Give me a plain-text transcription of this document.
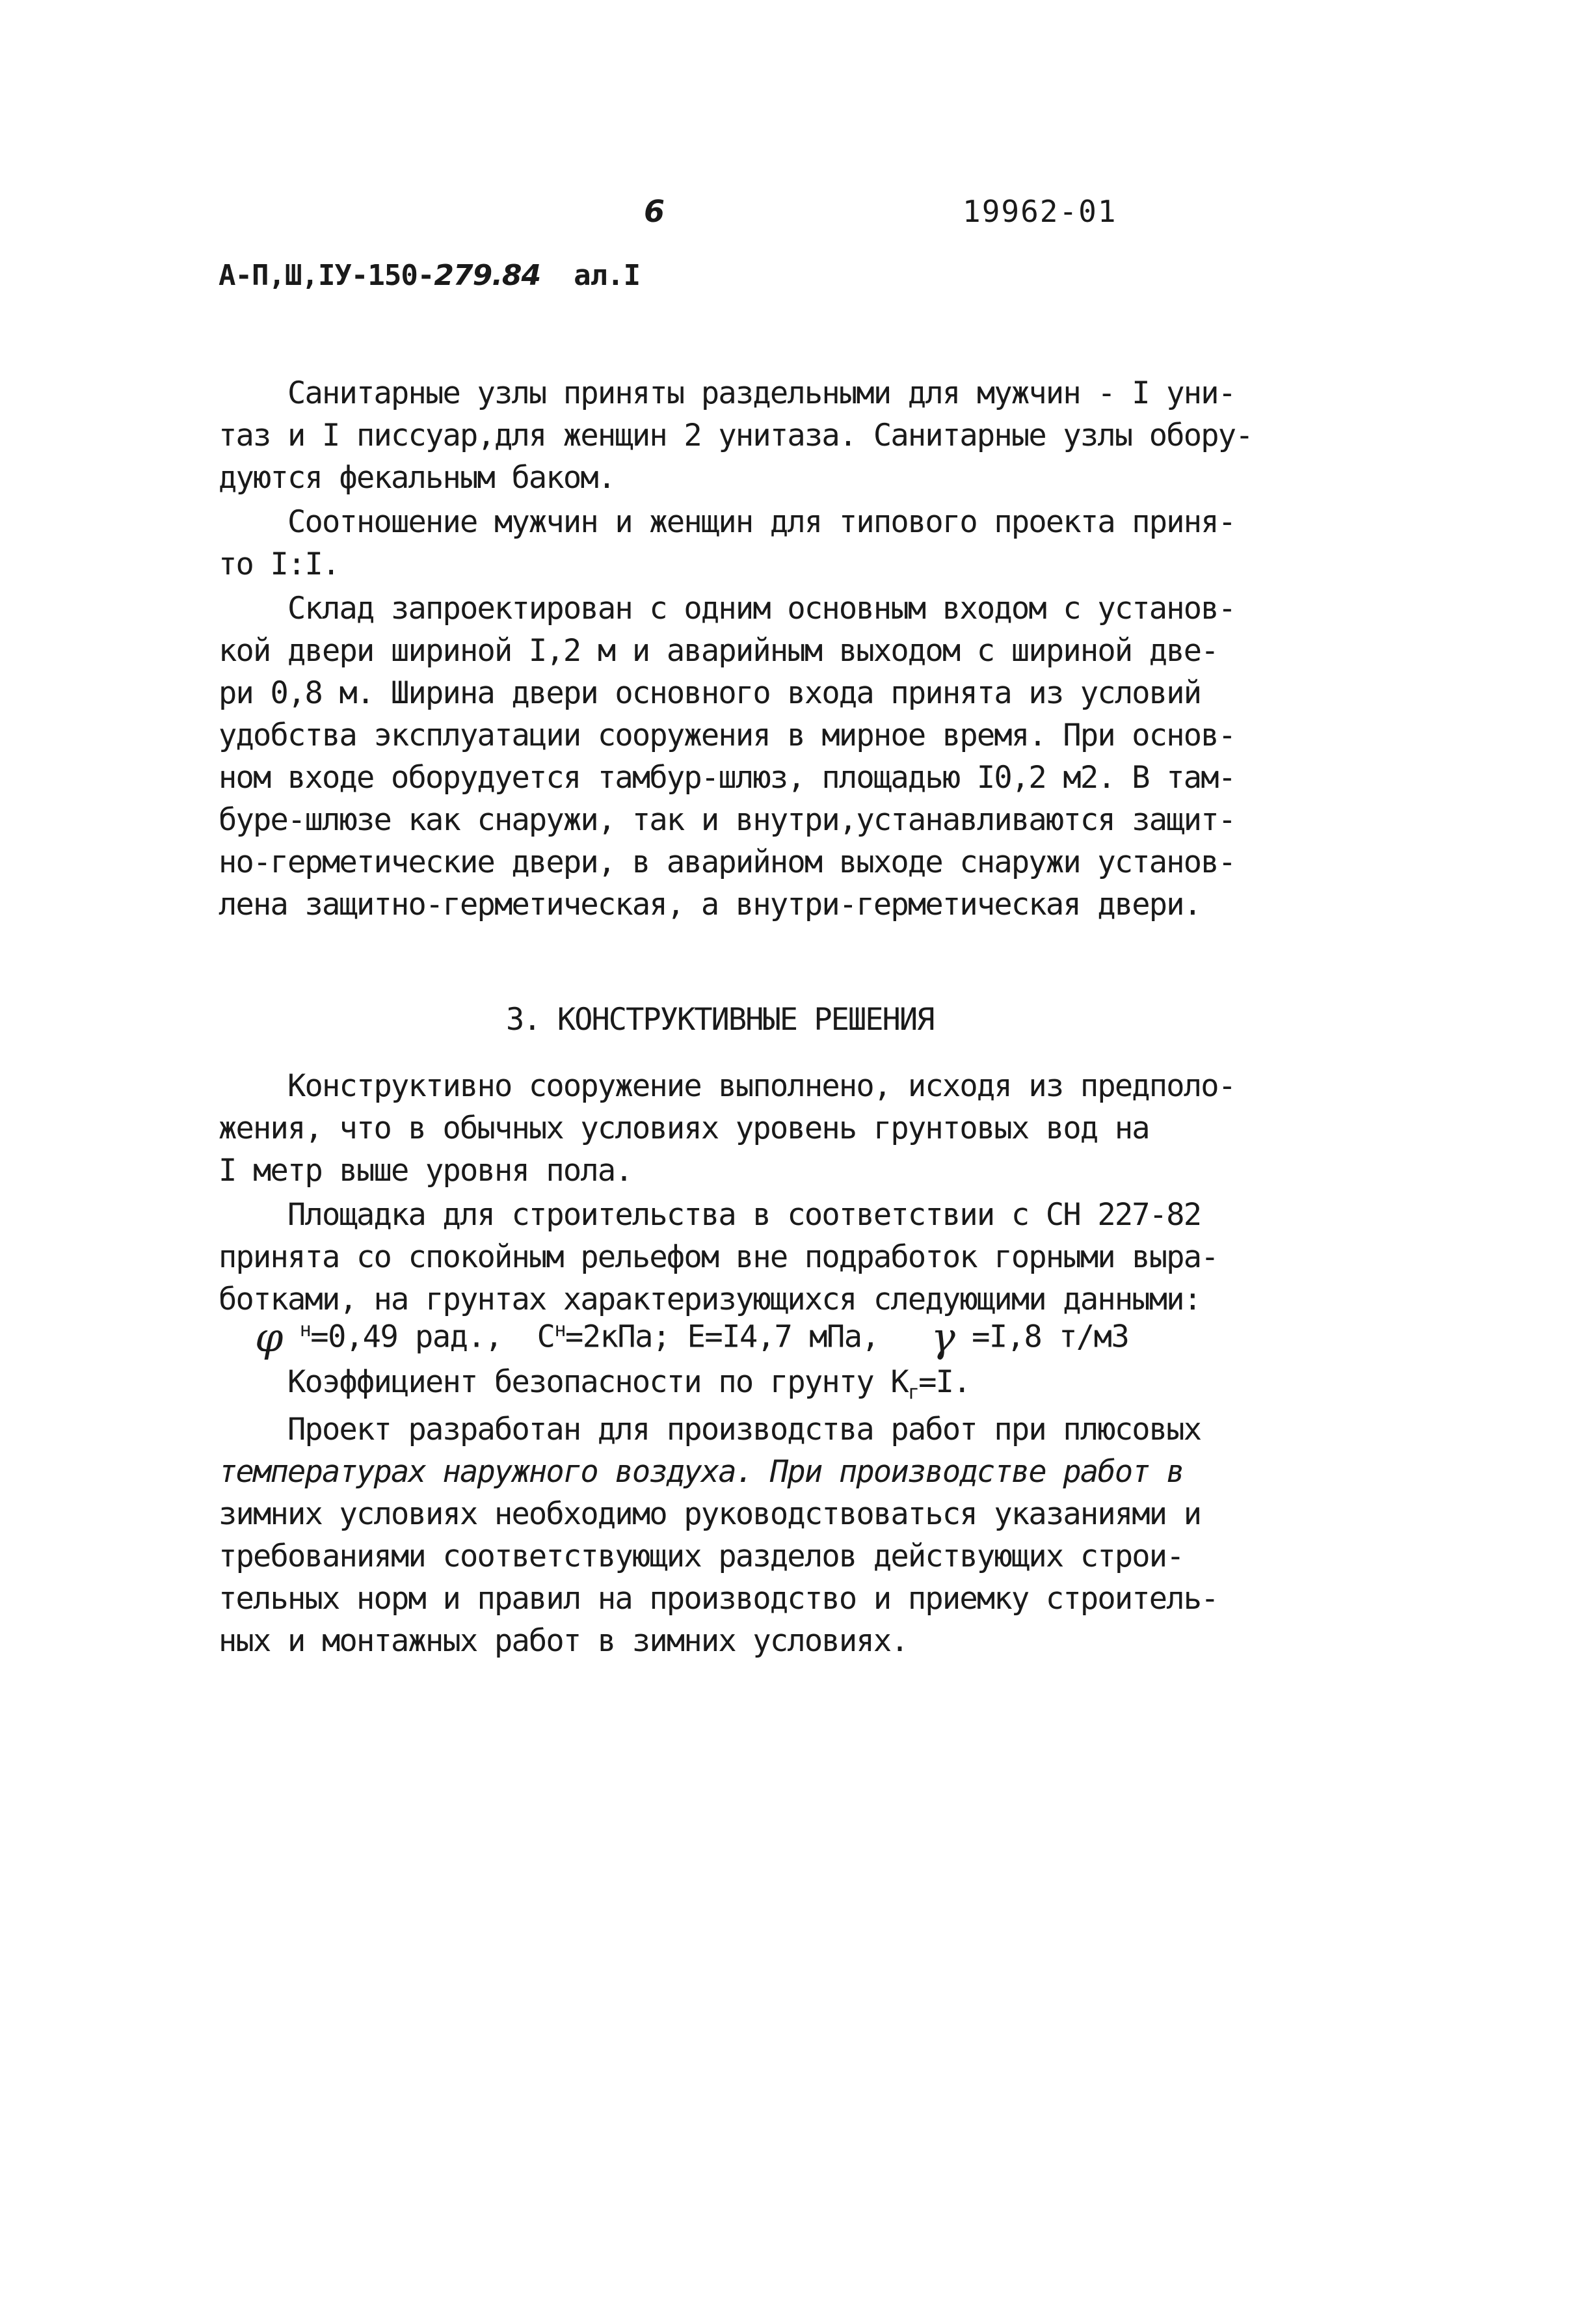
6	19962-01
А-П,Ш,IУ-150-279.84  ал.I
Санитарные узлы приняты раздельными для мужчин - I уни-
таз и I писсуар,для женщин 2 унитаза. Санитарные узлы обору-
дуются фекальным баком.
Соотношение мужчин и женщин для типового проекта приня-
то I:I.
Склад запроектирован с одним основным входом с установ-
кой двери шириной I,2 м и аварийным выходом с шириной две-
ри 0,8 м. Ширина двери основного входа принята из условий
удобства эксплуатации сооружения в мирное время. При основ-
ном входе оборудуется тамбур-шлюз, площадью I0,2 м2. В там-
буре-шлюзе как снаружи, так и внутри,устанавливаются защит-
но-герметические двери, в аварийном выходе снаружи установ-
лена защитно-герметическая, а внутри-герметическая двери.
3. КОНСТРУКТИВНЫЕ РЕШЕНИЯ
Конструктивно сооружение выполнено, исходя из предполо-
жения, что в обычных условиях уровень грунтовых вод на
I метр выше уровня пола.
Площадка для строительства в соответствии с СН 227-82
принята со спокойным рельефом вне подработок горными выра-
ботками, на грунтах характеризующихся следующими данными:
φ $^н$=0,49 рад., $С^н=2кПа$; Е=I4,7 мПа, γ =I,8 т/м3
Коэффициент безопасности по грунту $К_г=I$.
Проект разработан для производства работ при плюсовых
температурах наружного воздуха. При производстве работ в
зимних условиях необходимо руководствоваться указаниями и
требованиями соответствующих разделов действующих строи-
тельных норм и правил на производство и приемку строитель-
ных и монтажных работ в зимних условиях.
